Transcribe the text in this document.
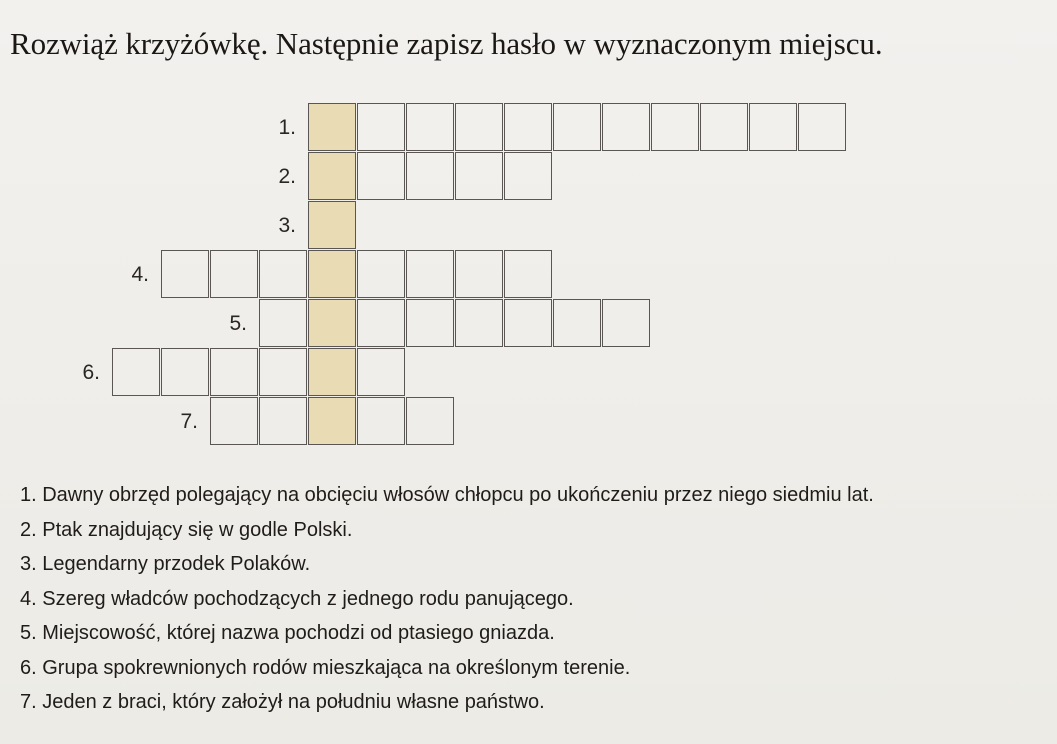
Rozwiąż krzyżówkę. Następnie zapisz hasło w wyznaczonym miejscu.
1.
2.
3.
4.
5.
6.
7.
1. Dawny obrzęd polegający na obcięciu włosów chłopcu po ukończeniu przez niego siedmiu lat.
2. Ptak znajdujący się w godle Polski.
3. Legendarny przodek Polaków.
4. Szereg władców pochodzących z jednego rodu panującego.
5. Miejscowość, której nazwa pochodzi od ptasiego gniazda.
6. Grupa spokrewnionych rodów mieszkająca na określonym terenie.
7. Jeden z braci, który założył na południu własne państwo.
